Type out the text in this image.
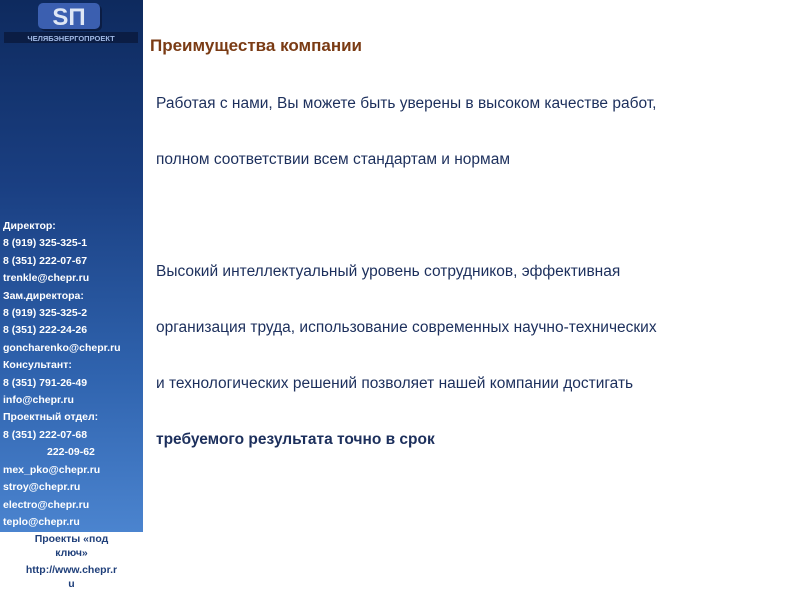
SП
ЧЕЛЯБЭНЕРГОПРОЕКТ
Директор:
8 (919) 325-325-1
8 (351) 222-07-67
trenkle@chepr.ru
Зам.директора:
8 (919) 325-325-2
8 (351) 222-24-26
goncharenko@chepr.ru
Консультант:
8 (351) 791-26-49
info@chepr.ru
Проектный отдел:
8 (351) 222-07-68
222-09-62
mex_pko@chepr.ru
stroy@chepr.ru
electro@chepr.ru
teplo@chepr.ru
Проекты «под
ключ»
http://www.chepr.r
u
Преимущества компании
Работая с нами, Вы можете быть уверены в высоком качестве работ,
полном соответствии всем стандартам и нормам
Высокий интеллектуальный уровень сотрудников, эффективная
организация труда, использование современных научно-технических
и технологических решений позволяет нашей компании достигать
требуемого результата точно в срок
